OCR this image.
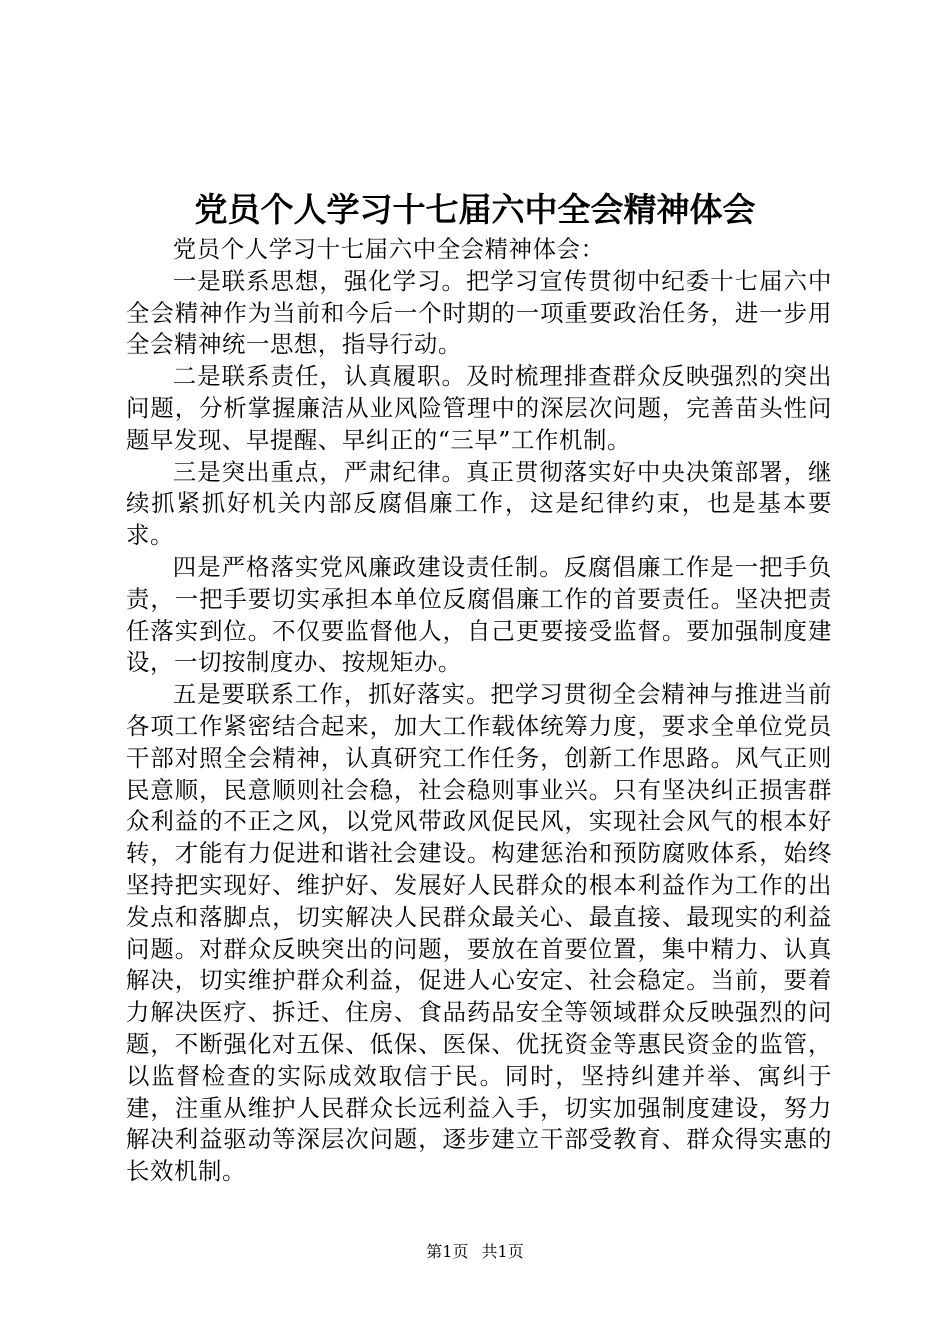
党员个人学习十七届六中全会精神体会

党员个人学习十七届六中全会精神体会：

一是联系思想，强化学习。把学习宣传贯彻中纪委十七届六中全会精神作为当前和今后一个时期的一项重要政治任务，进一步用全会精神统一思想，指导行动。

二是联系责任，认真履职。及时梳理排查群众反映强烈的突出问题，分析掌握廉洁从业风险管理中的深层次问题，完善苗头性问题早发现、早提醒、早纠正的“三早”工作机制。

三是突出重点，严肃纪律。真正贯彻落实好中央决策部署，继续抓紧抓好机关内部反腐倡廉工作，这是纪律约束，也是基本要求。

四是严格落实党风廉政建设责任制。反腐倡廉工作是一把手负责，一把手要切实承担本单位反腐倡廉工作的首要责任。坚决把责任落实到位。不仅要监督他人，自己更要接受监督。要加强制度建设，一切按制度办、按规矩办。

五是要联系工作，抓好落实。把学习贯彻全会精神与推进当前各项工作紧密结合起来，加大工作载体统筹力度，要求全单位党员干部对照全会精神，认真研究工作任务，创新工作思路。风气正则民意顺，民意顺则社会稳，社会稳则事业兴。只有坚决纠正损害群众利益的不正之风，以党风带政风促民风，实现社会风气的根本好转，才能有力促进和谐社会建设。构建惩治和预防腐败体系，始终坚持把实现好、维护好、发展好人民群众的根本利益作为工作的出发点和落脚点，切实解决人民群众最关心、最直接、最现实的利益问题。对群众反映突出的问题，要放在首要位置，集中精力、认真解决，切实维护群众利益，促进人心安定、社会稳定。当前，要着力解决医疗、拆迁、住房、食品药品安全等领域群众反映强烈的问题，不断强化对五保、低保、医保、优抚资金等惠民资金的监管，以监督检查的实际成效取信于民。同时，坚持纠建并举、寓纠于建，注重从维护人民群众长远利益入手，切实加强制度建设，努力解决利益驱动等深层次问题，逐步建立干部受教育、群众得实惠的长效机制。

第1页 共1页
